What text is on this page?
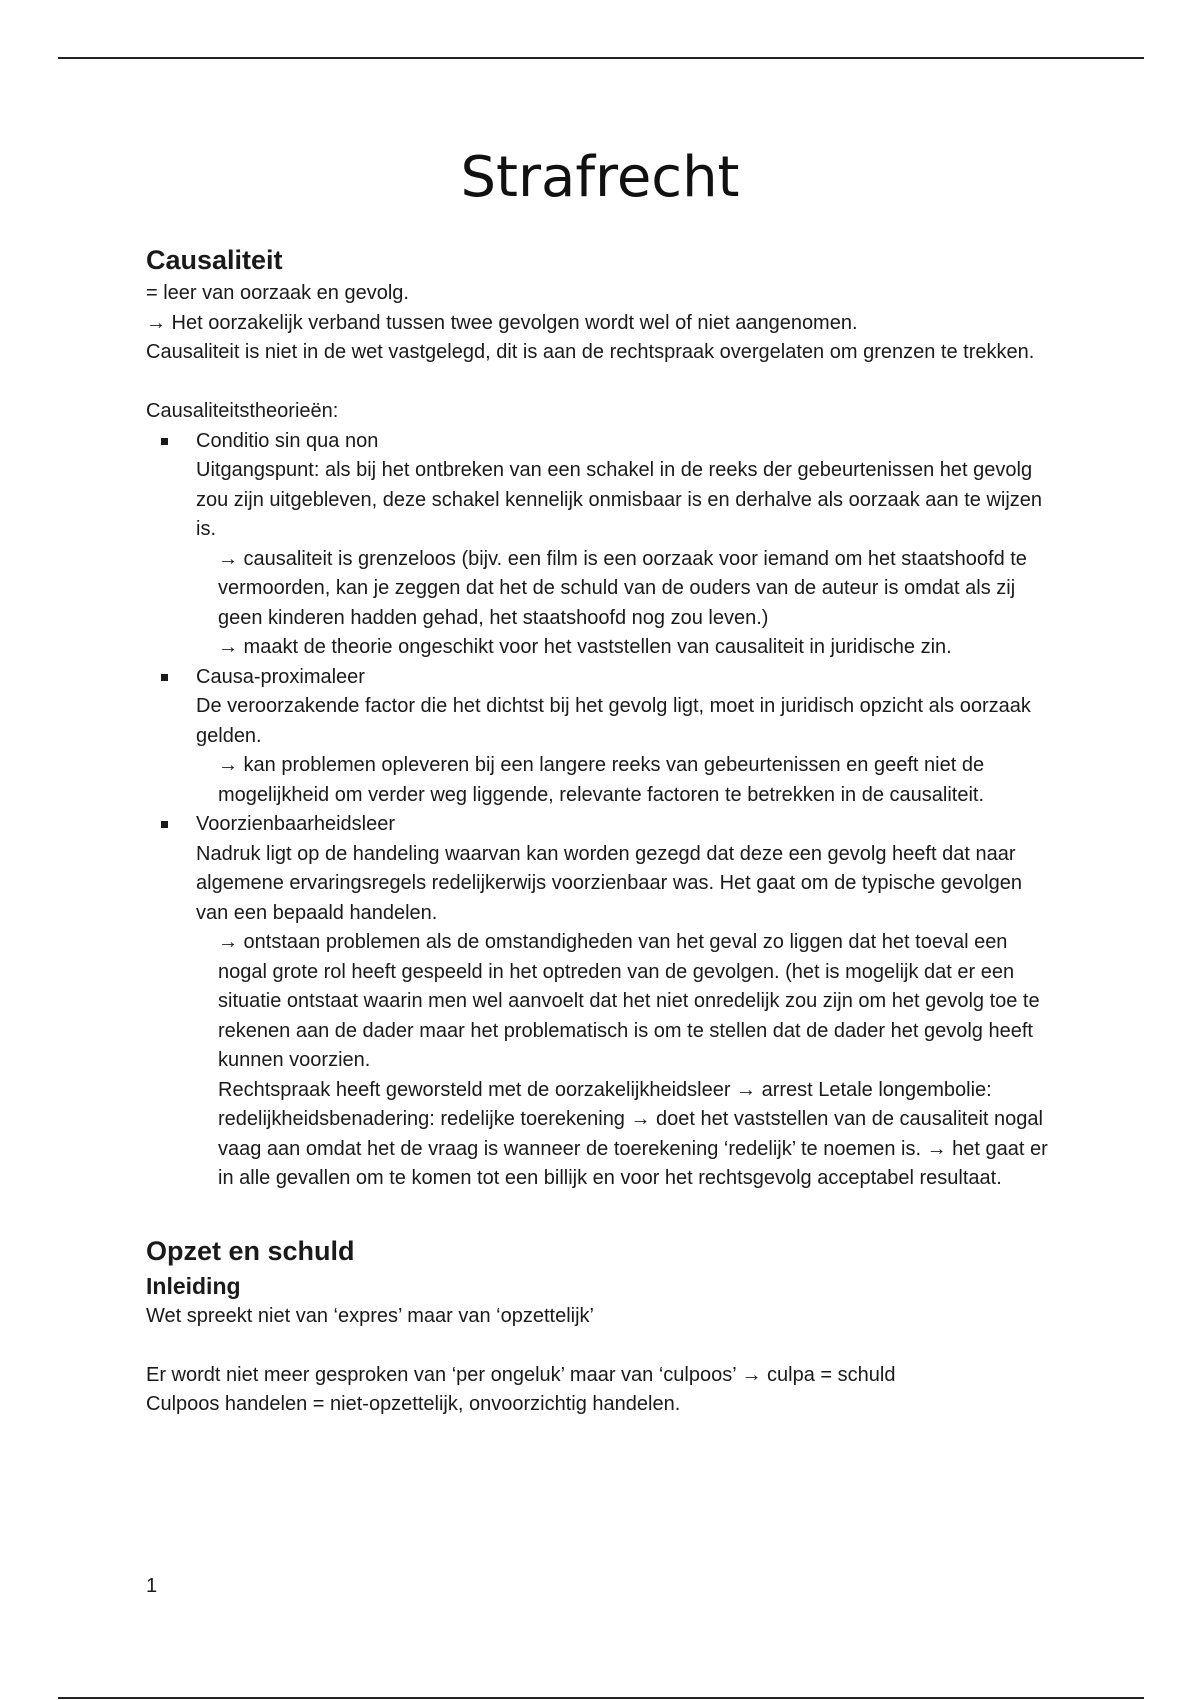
Strafrecht
Causaliteit

= leer van oorzaak en gevolg.

→ Het oorzakelijk verband tussen twee gevolgen wordt wel of niet aangenomen.

Causaliteit is niet in de wet vastgelegd, dit is aan de rechtspraak overgelaten om grenzen te trekken.

Causaliteitstheorieën:

Conditio sin qua non

Uitgangspunt: als bij het ontbreken van een schakel in de reeks der gebeurtenissen het gevolg zou zijn uitgebleven, deze schakel kennelijk onmisbaar is en derhalve als oorzaak aan te wijzen is.

→ causaliteit is grenzeloos (bijv. een film is een oorzaak voor iemand om het staatshoofd te vermoorden, kan je zeggen dat het de schuld van de ouders van de auteur is omdat als zij geen kinderen hadden gehad, het staatshoofd nog zou leven.)

→ maakt de theorie ongeschikt voor het vaststellen van causaliteit in juridische zin.

Causa-proximaleer

De veroorzakende factor die het dichtst bij het gevolg ligt, moet in juridisch opzicht als oorzaak gelden.

→ kan problemen opleveren bij een langere reeks van gebeurtenissen en geeft niet de mogelijkheid om verder weg liggende, relevante factoren te betrekken in de causaliteit.

Voorzienbaarheidsleer

Nadruk ligt op de handeling waarvan kan worden gezegd dat deze een gevolg heeft dat naar algemene ervaringsregels redelijkerwijs voorzienbaar was. Het gaat om de typische gevolgen van een bepaald handelen.

→ ontstaan problemen als de omstandigheden van het geval zo liggen dat het toeval een nogal grote rol heeft gespeeld in het optreden van de gevolgen. (het is mogelijk dat er een situatie ontstaat waarin men wel aanvoelt dat het niet onredelijk zou zijn om het gevolg toe te rekenen aan de dader maar het problematisch is om te stellen dat de dader het gevolg heeft kunnen voorzien.

Rechtspraak heeft geworsteld met de oorzakelijkheidsleer → arrest Letale longembolie: redelijkheidsbenadering: redelijke toerekening → doet het vaststellen van de causaliteit nogal vaag aan omdat het de vraag is wanneer de toerekening ‘redelijk’ te noemen is. → het gaat er in alle gevallen om te komen tot een billijk en voor het rechtsgevolg acceptabel resultaat.

Opzet en schuld
Inleiding

Wet spreekt niet van ‘expres’ maar van ‘opzettelijk’

Er wordt niet meer gesproken van ‘per ongeluk’ maar van ‘culpoos’ → culpa = schuld

Culpoos handelen = niet-opzettelijk, onvoorzichtig handelen.

1
